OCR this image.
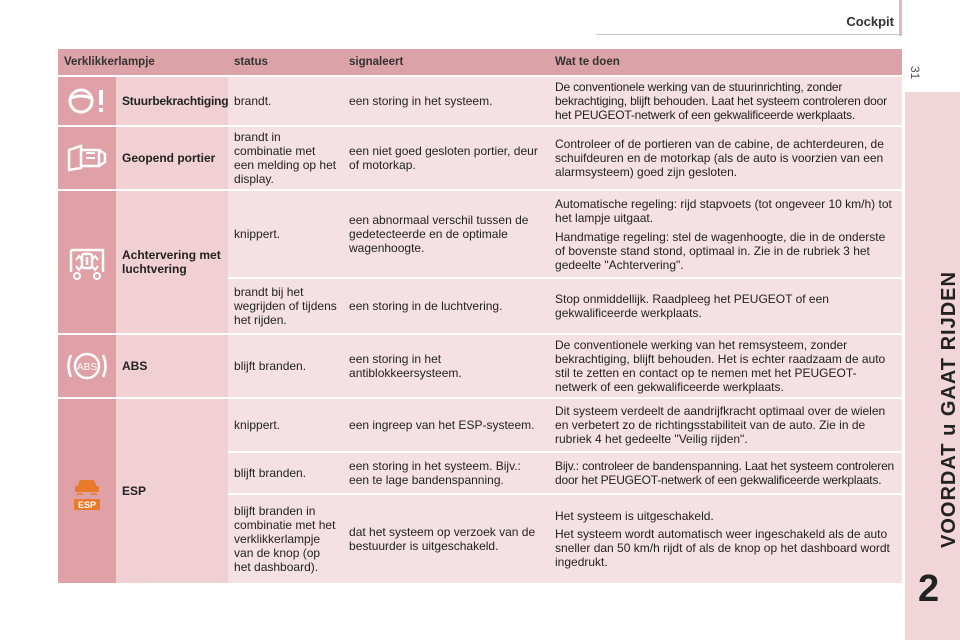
Cockpit
31
VOORDAT u GAAT RIJDEN
2
Verklikkerlampje		status	signaleert	Wat te doen

	Stuurbekrachtiging	brandt.	een storing in het systeem.	De conventionele werking van de stuurinrichting, zonder bekrachtiging, blijft behouden. Laat het systeem controleren door het PEUGEOT-netwerk of een gekwalificeerde werkplaats.

	Geopend portier	brandt in combinatie met een melding op het display.	een niet goed gesloten portier, deur of motorkap.	Controleer of de portieren van de cabine, de achterdeuren, de schuifdeuren en de motorkap (als de auto is voorzien van een alarmsysteem) goed zijn gesloten.

	Achtervering met luchtvering	knippert.	een abnormaal verschil tussen de gedetecteerde en de optimale wagenhoogte.	Automatische regeling: rijd stapvoets (tot ongeveer 10 km/h) tot het lampje uitgaat.
Handmatige regeling: stel de wagenhoogte, die in de onderste of bovenste stand stond, optimaal in. Zie in de rubriek 3 het gedeelte "Achtervering".

		brandt bij het wegrijden of tijdens het rijden.	een storing in de luchtvering.	Stop onmiddellijk. Raadpleeg het PEUGEOT of een gekwalificeerde werkplaats.

ABS	ABS	blijft branden.	een storing in het antiblokkeersysteem.	De conventionele werking van het remsysteem, zonder bekrachtiging, blijft behouden. Het is echter raadzaam de auto stil te zetten en contact op te nemen met het PEUGEOT-netwerk of een gekwalificeerde werkplaats.

ESP	ESP	knippert.	een ingreep van het ESP-systeem.	Dit systeem verdeelt de aandrijfkracht optimaal over de wielen en verbetert zo de richtingsstabiliteit van de auto. Zie in de rubriek 4 het gedeelte "Veilig rijden".
		blijft branden.	een storing in het systeem. Bijv.: een te lage bandenspanning.	Bijv.: controleer de bandenspanning. Laat het systeem controleren door het PEUGEOT-netwerk of een gekwalificeerde werkplaats.
		blijft branden in combinatie met het verklikkerlampje van de knop (op het dashboard).	dat het systeem op verzoek van de bestuurder is uitgeschakeld.	Het systeem is uitgeschakeld.
Het systeem wordt automatisch weer ingeschakeld als de auto sneller dan 50 km/h rijdt of als de knop op het dashboard wordt ingedrukt.
